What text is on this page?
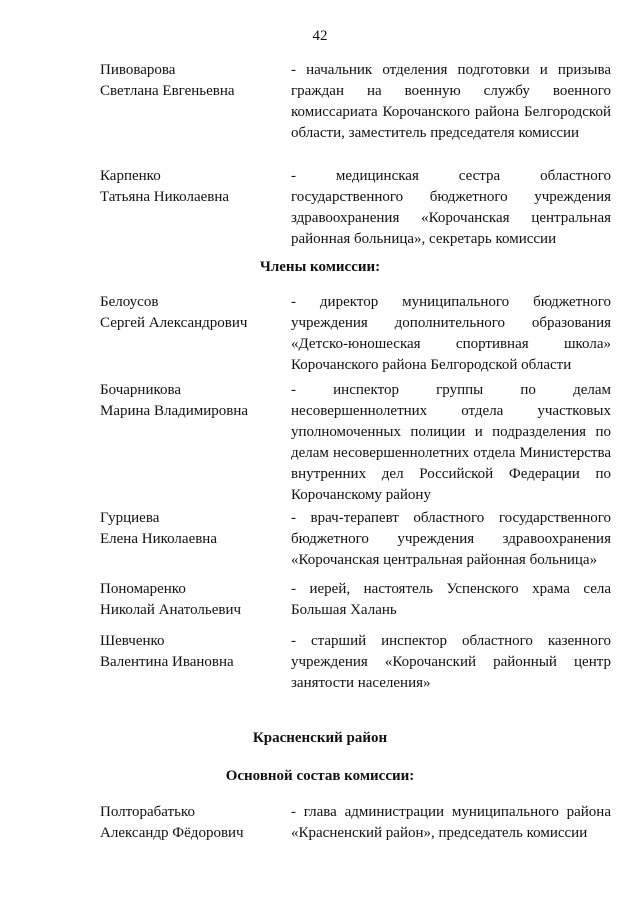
42
Пивоварова
Светлана Евгеньевна
- начальник отделения подготовки и призыва граждан на военную службу военного комиссариата Корочанского района Белгородской области, заместитель председателя комиссии
Карпенко
Татьяна Николаевна
- медицинская сестра областного государственного бюджетного учреждения здравоохранения «Корочанская центральная районная больница», секретарь комиссии
Члены комиссии:
Белоусов
Сергей Александрович
- директор муниципального бюджетного учреждения дополнительного образования «Детско-юношеская спортивная школа» Корочанского района Белгородской области
Бочарникова
Марина Владимировна
- инспектор группы по делам несовершеннолетних отдела участковых уполномоченных полиции и подразделения по делам несовершеннолетних отдела Министерства внутренних дел Российской Федерации по Корочанскому району
Гурциева
Елена Николаевна
- врач-терапевт областного государственного бюджетного учреждения здравоохранения «Корочанская центральная районная больница»
Пономаренко
Николай Анатольевич
- иерей, настоятель Успенского храма села Большая Халань
Шевченко
Валентина Ивановна
- старший инспектор областного казенного учреждения «Корочанский районный центр занятости населения»
Красненский район
Основной состав комиссии:
Полторабатько
Александр Фёдорович
- глава администрации муниципального района «Красненский район», председатель комиссии
